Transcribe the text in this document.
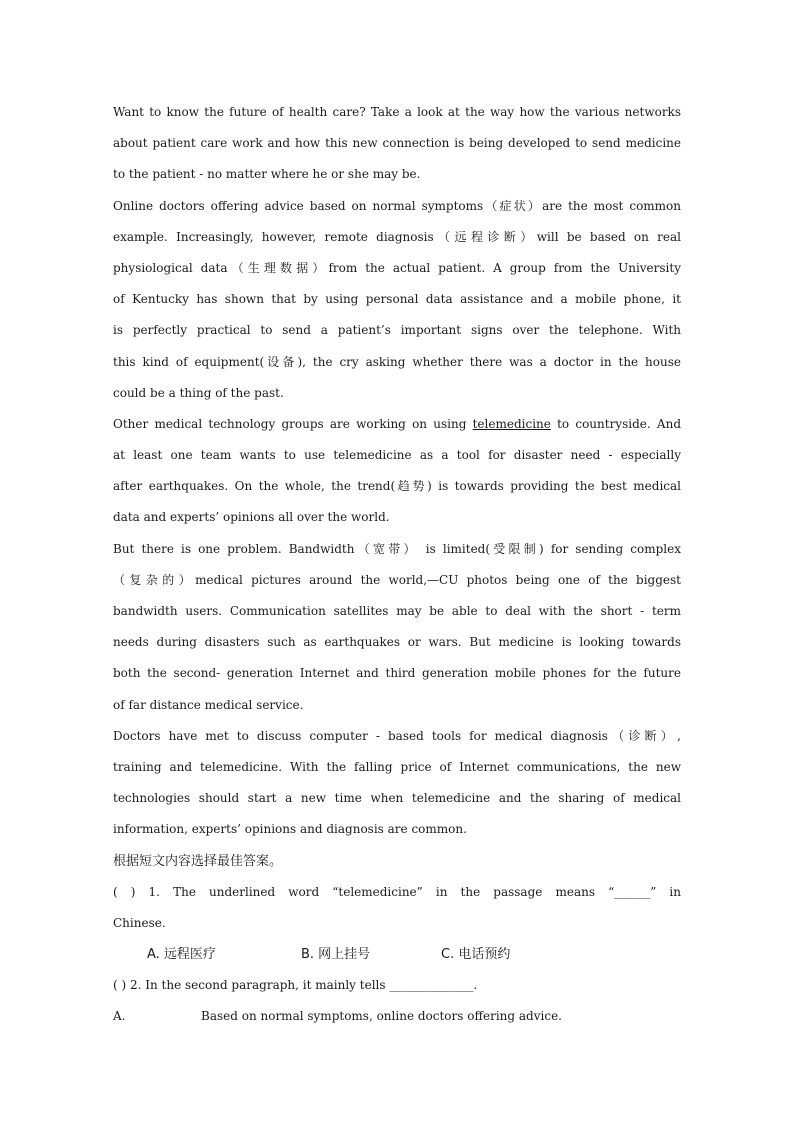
Want to know the future of health care? Take a look at the way how the various networks
about patient care work and how this new connection is being developed to send medicine
to the patient - no matter where he or she may be.
Online doctors offering advice based on normal symptoms（症状）are the most common
example. Increasingly, however, remote diagnosis（远程诊断）will be based on real
physiological data（生理数据）from the actual patient. A group from the University
of Kentucky has shown that by using personal data assistance and a mobile phone, it
is perfectly practical to send a patient’s important signs over the telephone. With
this kind of equipment(设备), the cry asking whether there was a doctor in the house
could be a thing of the past.
Other medical technology groups are working on using telemedicine to countryside. And
at least one team wants to use telemedicine as a tool for disaster need - especially
after earthquakes. On the whole, the trend(趋势) is towards providing the best medical
data and experts’ opinions all over the world.
But there is one problem. Bandwidth（宽带） is limited(受限制) for sending complex
（复杂的）medical pictures around the world,—CU photos being one of the biggest
bandwidth users. Communication satellites may be able to deal with the short - term
needs during disasters such as earthquakes or wars. But medicine is looking towards
both the second- generation Internet and third generation mobile phones for the future
of far distance medical service.
Doctors have met to discuss computer - based tools for medical diagnosis（诊断）,
training and telemedicine. With the falling price of Internet communications, the new
technologies should start a new time when telemedicine and the sharing of medical
information, experts’ opinions and diagnosis are common.
根据短文内容选择最佳答案。
( ) 1. The underlined word “telemedicine” in the passage means “______” in
Chinese.
A. 远程医疗	B. 网上挂号	C. 电话预约
( ) 2. In the second paragraph, it mainly tells ______________.
A.	Based on normal symptoms, online doctors offering advice.
